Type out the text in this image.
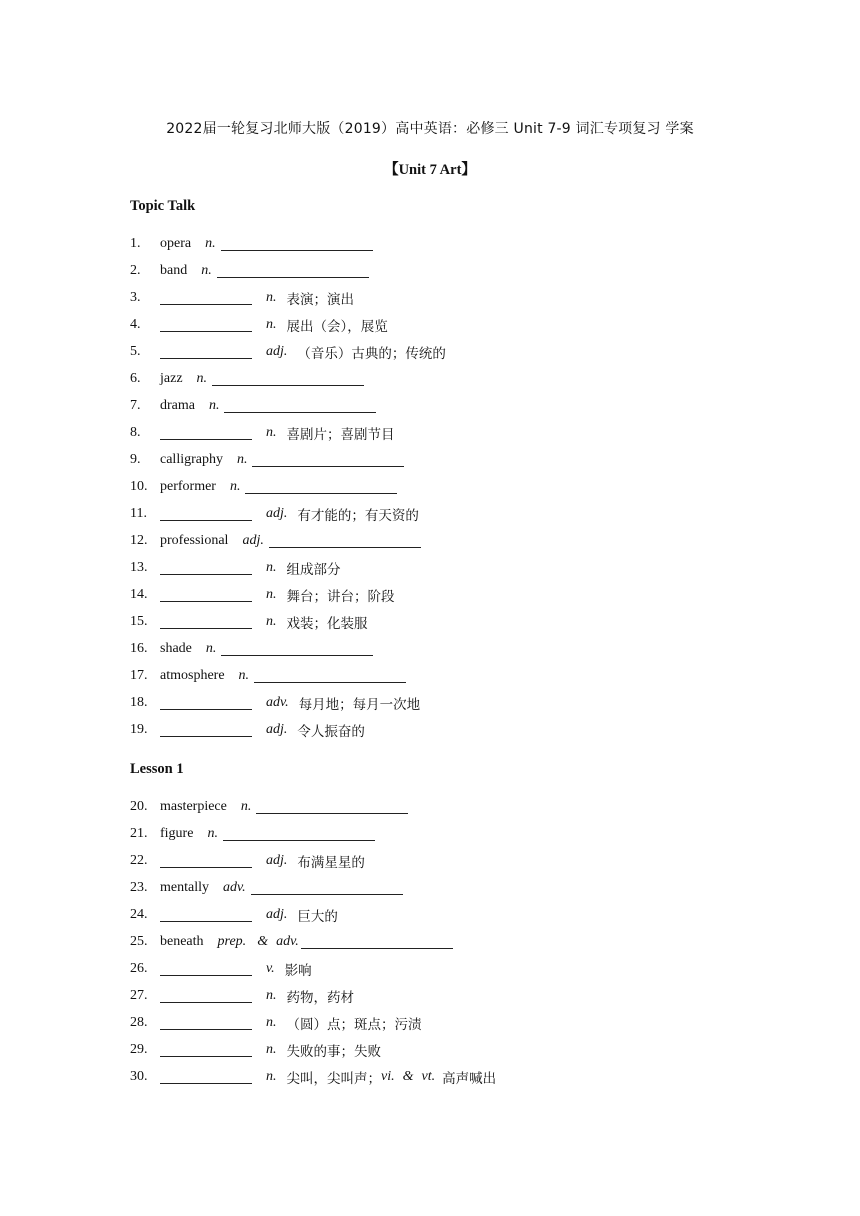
2022届一轮复习北师大版（2019）高中英语：必修三 Unit 7-9 词汇专项复习 学案
【Unit 7 Art】
Topic Talk
1.	opera n.
2.	band n.
3.	n. 表演；演出
4.	n. 展出（会），展览
5.	adj. （音乐）古典的；传统的
6.	jazz n.
7.	drama n.
8.	n. 喜剧片；喜剧节目
9.	calligraphy n.
10. performer n.
11.	adj. 有才能的；有天资的
12. professional adj.
13.	n. 组成部分
14.	n. 舞台；讲台；阶段
15.	n. 戏装；化装服
16. shade n.
17. atmosphere n.
18.	adv. 每月地；每月一次地
19.	adj. 令人振奋的
Lesson 1
20. masterpiece n.
21. figure n.
22.	adj. 布满星星的
23. mentally adv.
24.	adj. 巨大的
25. beneath prep. & adv.
26.	v. 影响
27.	n. 药物，药材
28.	n. （圆）点；斑点；污渍
29.	n. 失败的事；失败
30.	n. 尖叫，尖叫声； vi. & vt. 高声喊出
